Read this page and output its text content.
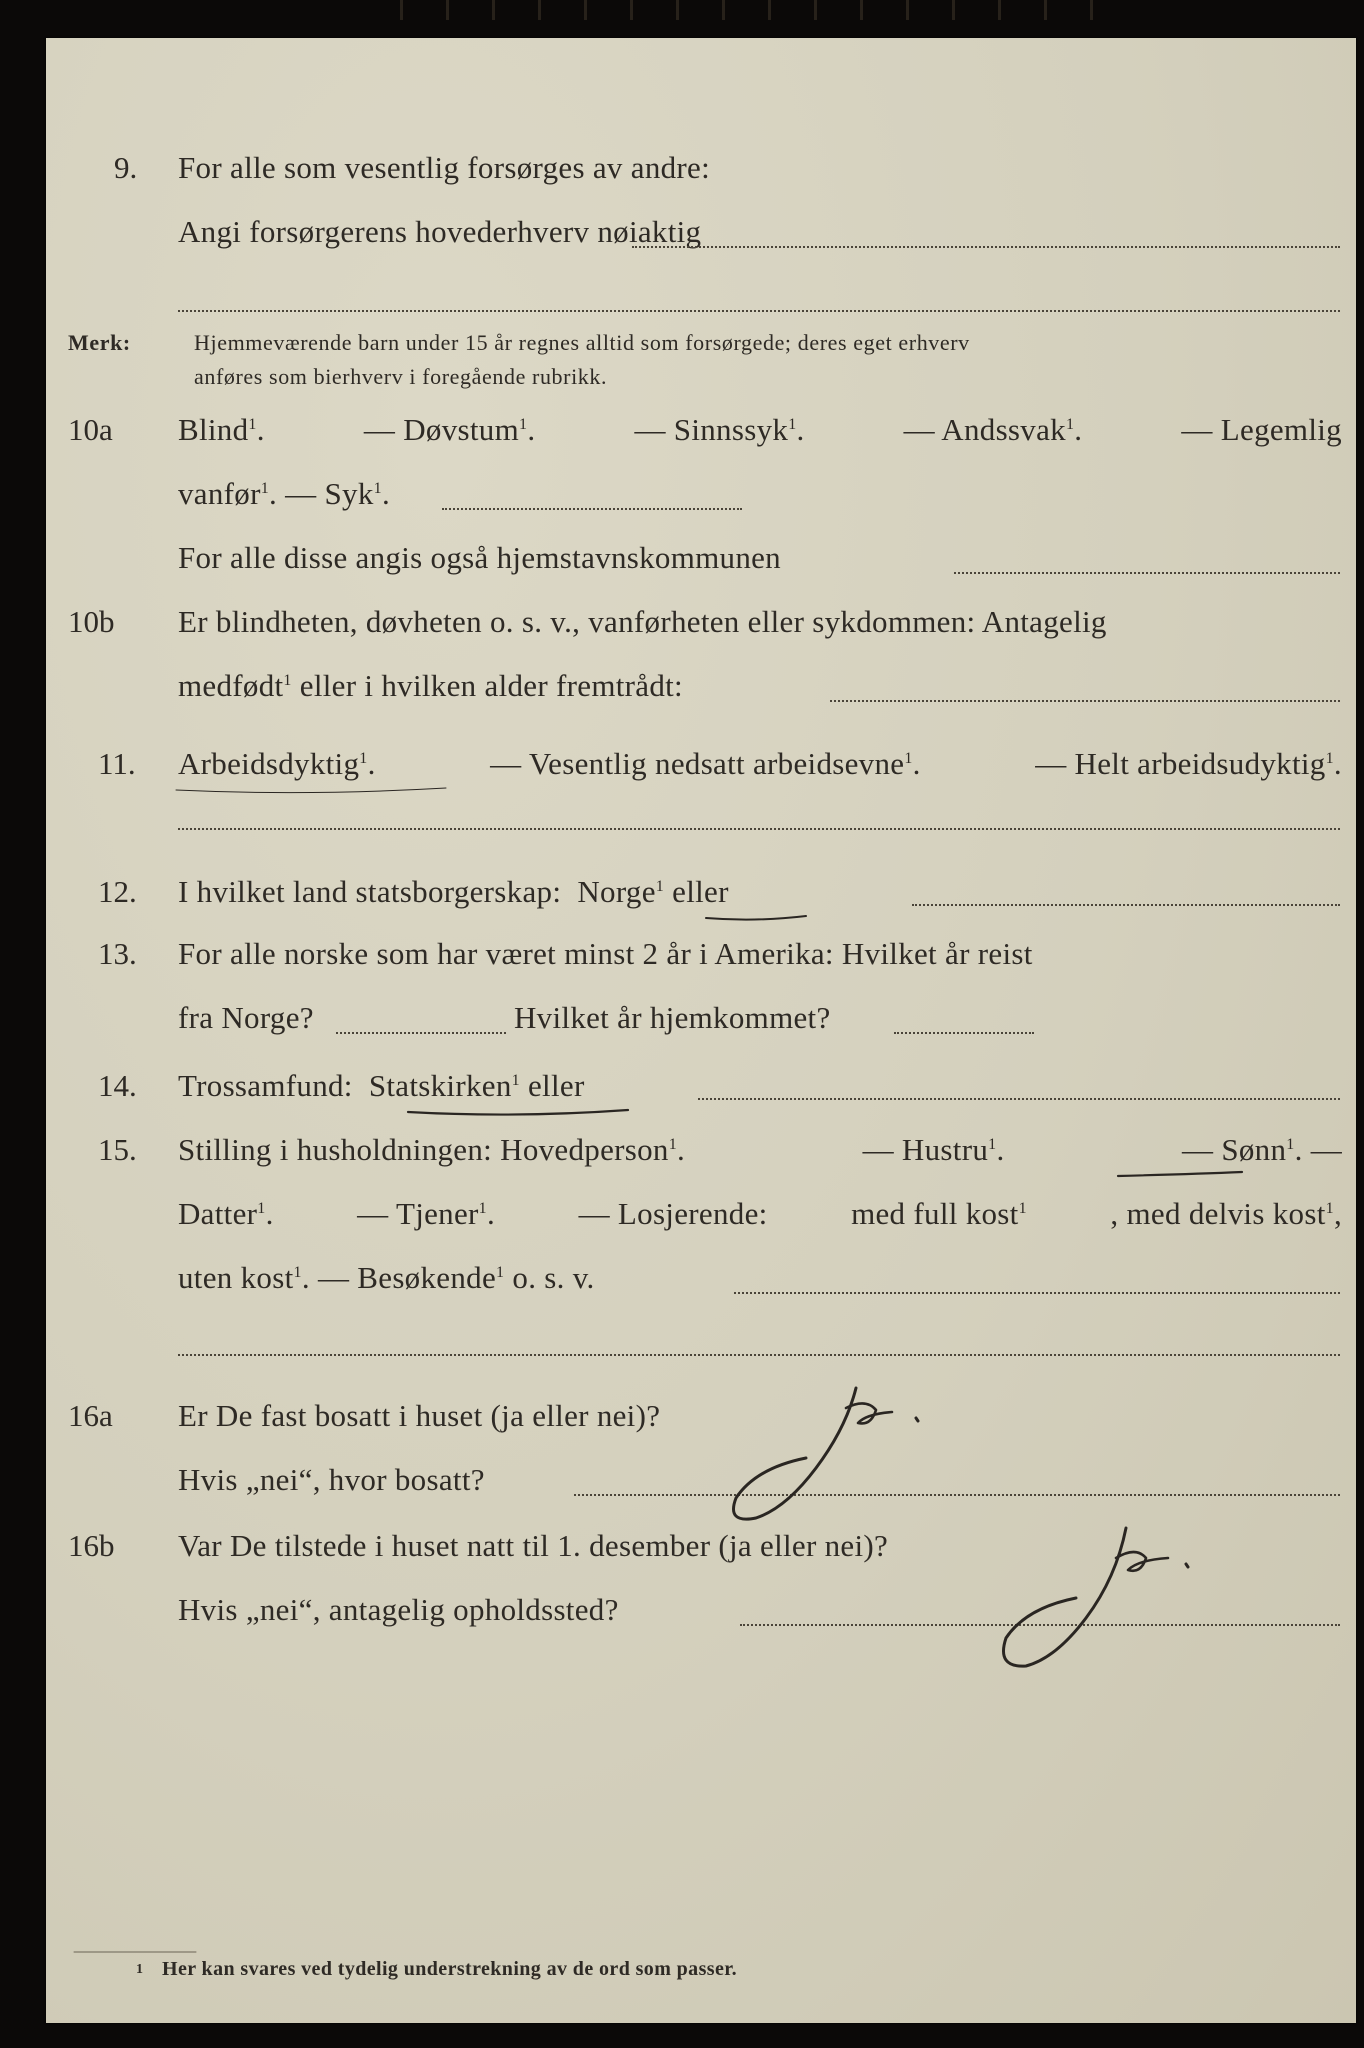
9. For alle som vesentlig forsørges av andre:
Angi forsørgerens hovederhverv nøiaktig
Merk:	Hjemmeværende barn under 15 år regnes alltid som forsørgede; deres eget erhverv
anføres som bierhverv i foregående rubrikk.
10a Blind$^1$.	— Døvstum$^1$.	— Sinnssyk$^1$.	— Andssvak$^1$.	— Legemlig
vanfør$^1$. — Syk$^1$.
For alle disse angis også hjemstavnskommunen
10b Er blindheten, døvheten o. s. v., vanførheten eller sykdommen: Antagelig
medfødt$^1$ eller i hvilken alder fremtrådt:
11. Arbeidsdyktig$^1$.	— Vesentlig nedsatt arbeidsevne$^1$.	— Helt arbeidsudyktig$^1$.
12. I hvilket land statsborgerskap: Norge$^1$ eller
13. For alle norske som har været minst 2 år i Amerika: Hvilket år reist
fra Norge?	Hvilket år hjemkommet?
14. Trossamfund: Statskirken$^1$ eller
15. Stilling i husholdningen: Hovedperson$^1$.	— Hustru$^1$.	— Sønn$^1$. —
Datter$^1$.	— Tjener$^1$.	— Losjerende:	med full kost$^1$	, med delvis kost$^1$,
uten kost$^1$. — Besøkende$^1$ o. s. v.
16a Er De fast bosatt i huset (ja eller nei)?
Hvis „nei“, hvor bosatt?
16b Var De tilstede i huset natt til 1. desember (ja eller nei)?
Hvis „nei“, antagelig opholdssted?
1 Her kan svares ved tydelig understrekning av de ord som passer.
